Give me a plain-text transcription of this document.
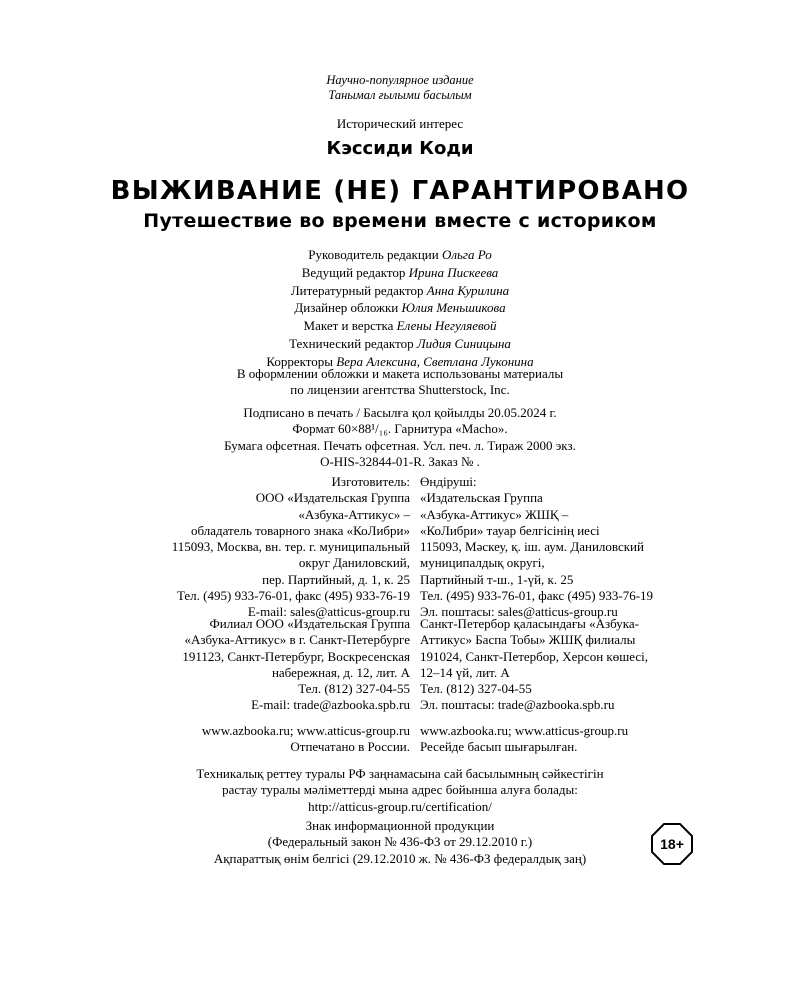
Научно-популярное издание
Танымал ғылыми басылым
Исторический интерес
Кэссиди Коди
ВЫЖИВАНИЕ (НЕ) ГАРАНТИРОВАНО
Путешествие во времени вместе с историком
Руководитель редакции Ольга Ро
Ведущий редактор Ирина Пискеева
Литературный редактор Анна Курилина
Дизайнер обложки Юлия Меньшикова
Макет и верстка Елены Негуляевой
Технический редактор Лидия Синицына
Корректоры Вера Алексина, Светлана Луконина
В оформлении обложки и макета использованы материалы
по лицензии агентства Shutterstock, Inc.
Подписано в печать / Басылға қол қойылды 20.05.2024 г.
Формат 60×88¹/₁₆. Гарнитура «Macho».
Бумага офсетная. Печать офсетная. Усл. печ. л. Тираж 2000 экз.
О-HIS-32844-01-R. Заказ № .
Изготовитель:
ООО «Издательская Группа
«Азбука-Аттикус» –
обладатель товарного знака «КоЛибри»
115093, Москва, вн. тер. г. муниципальный
округ Даниловский,
пер. Партийный, д. 1, к. 25
Тел. (495) 933-76-01, факс (495) 933-76-19
E-mail: sales@atticus-group.ru
Өндіруші:
«Издательская Группа
«Азбука-Аттикус» ЖШҚ –
«КоЛибри» тауар белгісінің иесі
115093, Мәскеу, қ. іш. аум. Даниловский
муниципалдық округі,
Партийный т-ш., 1-үй, к. 25
Тел. (495) 933-76-01, факс (495) 933-76-19
Эл. поштасы: sales@atticus-group.ru
Филиал ООО «Издательская Группа
«Азбука-Аттикус» в г. Санкт-Петербурге
191123, Санкт-Петербург, Воскресенская
набережная, д. 12, лит. А
Тел. (812) 327-04-55
E-mail: trade@azbooka.spb.ru
Санкт-Петербор қаласындағы «Азбука-
Аттикус» Баспа Тобы» ЖШҚ филиалы
191024, Санкт-Петербор, Херсон көшесі,
12–14 үй, лит. А
Тел. (812) 327-04-55
Эл. поштасы: trade@azbooka.spb.ru
www.azbooka.ru; www.atticus-group.ru
Отпечатано в России.
www.azbooka.ru; www.atticus-group.ru
Ресейде басып шығарылған.
Техникалық реттеу туралы РФ заңнамасына сай басылымның сәйкестігін
растау туралы мәліметтерді мына адрес бойынша алуға болады:
http://atticus-group.ru/certification/
Знак информационной продукции
(Федеральный закон № 436-ФЗ от 29.12.2010 г.)
Ақпараттық өнім белгісі (29.12.2010 ж. № 436-ФЗ федералдық заң)
18+
